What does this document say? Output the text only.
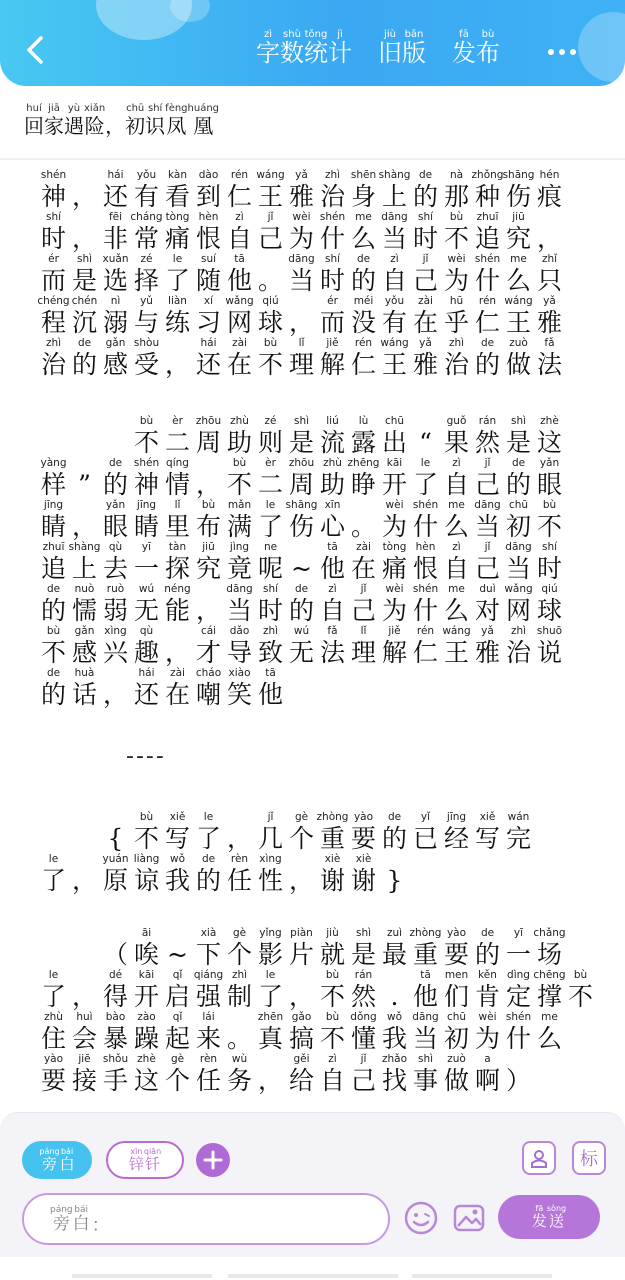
zì
字
shù
数
tǒng
统
jì
计
jiù
旧
bǎn
版
fā
发
bù
布
huí
回
jiā
家
yù
遇
xiǎn
险 ，
chū
初
shí
识
fèng
凤
huáng
凰
shén
神 ，
hái
还
yǒu
有
kàn
看
dào
到
rén
仁
wáng
王
yǎ
雅
zhì
治
shēn
身
shàng
上
de
的
nà
那
zhǒng
种
shāng
伤
hén
痕
shí
时 ，
fēi
非
cháng
常
tòng
痛
hèn
恨
zì
自
jǐ
己
wèi
为
shén
什
me
么
dāng
当
shí
时
bù
不
zhuī
追
jiū
究 ，
ér
而
shì
是
xuǎn
选
zé
择
le
了
suí
随
tā
他 。
dāng
当
shí
时
de
的
zì
自
jǐ
己
wèi
为
shén
什
me
么
zhǐ
只
chéng
程
chén
沉
nì
溺
yǔ
与
liàn
练
xí
习
wǎng
网
qiú
球 ，
ér
而
méi
没
yǒu
有
zài
在
hū
乎
rén
仁
wáng
王
yǎ
雅
zhì
治
de
的
gǎn
感
shòu
受 ，
hái
还
zài
在
bù
不
lǐ
理
jiě
解
rén
仁
wáng
王
yǎ
雅
zhì
治
de
的
zuò
做
fǎ
法

bù
不
èr
二
zhōu
周
zhù
助
zé
则
shì
是
liú
流
lù
露
chū
出 “
guǒ
果
rán
然
shì
是
zhè
这
yàng
样 ”
de
的
shén
神
qíng
情 ，
bù
不
èr
二
zhōu
周
zhù
助
zhēng
睁
kāi
开
le
了
zì
自
jǐ
己
de
的
yǎn
眼
jīng
睛 ，
yǎn
眼
jīng
睛
lǐ
里
bù
布
mǎn
满
le
了
shāng
伤
xīn
心 。
wèi
为
shén
什
me
么
dāng
当
chū
初
bù
不
zhuī
追
shàng
上
qù
去
yī
一
tàn
探
jiū
究
jìng
竟
ne
呢 ~
tā
他
zài
在
tòng
痛
hèn
恨
zì
自
jǐ
己
dāng
当
shí
时
de
的
nuò
懦
ruò
弱
wú
无
néng
能 ，
dāng
当
shí
时
de
的
zì
自
jǐ
己
wèi
为
shén
什
me
么
duì
对
wǎng
网
qiú
球
bù
不
gǎn
感
xìng
兴
qù
趣 ，
cái
才
dǎo
导
zhì
致
wú
无
fǎ
法
lǐ
理
jiě
解
rén
仁
wáng
王
yǎ
雅
zhì
治
shuō
说
de
的
huà
话 ，
hái
还
zài
在
cháo
嘲
xiào
笑
tā
他
----

{
bù
不
xiě
写
le
了 ，
jǐ
几
gè
个
zhòng
重
yào
要
de
的
yǐ
已
jīng
经
xiě
写
wán
完
le
了 ，
yuán
原
liàng
谅
wǒ
我
de
的
rèn
任
xìng
性 ，
xiè
谢
xiè
谢 }

（
āi
唉 ~
xià
下
gè
个
yǐng
影
piàn
片
jiù
就
shì
是
zuì
最
zhòng
重
yào
要
de
的
yī
一
chǎng
场
le
了 ，
dé
得
kāi
开
qǐ
启
qiáng
强
zhì
制
le
了 ，
bù
不
rán
然 .
tā
他
men
们
kěn
肯
dìng
定
chēng
撑
bù
不
zhù
住
huì
会
bào
暴
zào
躁
qǐ
起
lái
来 。
zhēn
真
gǎo
搞
bù
不
dǒng
懂
wǒ
我
dāng
当
chū
初
wèi
为
shén
什
me
么
yào
要
jiē
接
shǒu
手
zhè
这
gè
个
rèn
任
wù
务 ，
gěi
给
zì
自
jǐ
己
zhǎo
找
shì
事
zuò
做
a
啊 ）
páng
旁
bái
白
xīn
锌
qiān
钎	标
páng
旁
bái
白 ：
fā
发
sòng
送
